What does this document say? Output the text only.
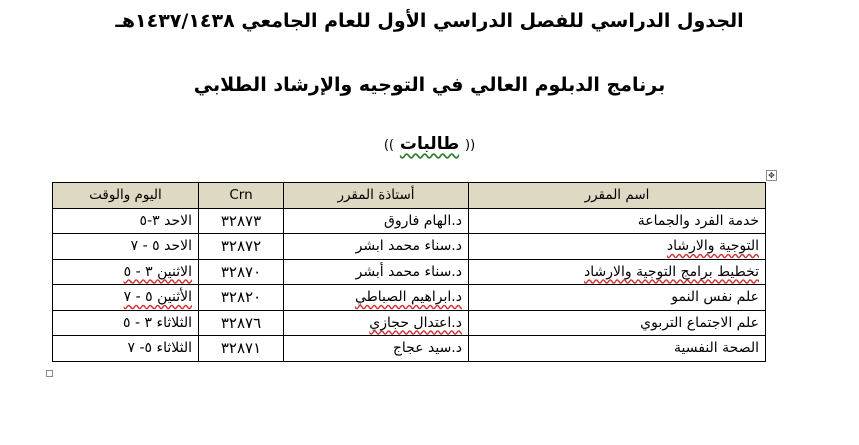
الجدول الدراسي للفصل الدراسي الأول للعام الجامعي ١٤٣٧/١٤٣٨هـ
برنامج الدبلوم العالي في التوجيه والإرشاد الطلابي
(( طالبات ))
✥
اسم المقرر	أستاذة المقرر	Crn	اليوم والوقت
خدمة الفرد والجماعة	د.الهام فاروق	٣٢٨٧٣	الاحد ٣-٥
التوجية والارشاد	د.سناء محمد ابشر	٣٢٨٧٢	الاحد ٥ - ٧
تخطيط برامج التوجية والارشاد	د.سناء محمد أبشر	٣٢٨٧٠	الاثنين ٣ - ٥
علم نفس النمو	د.ابراهيم الصباطي	٣٢٨٢٠	الأثنين ٥ - ٧
علم الاجتماع التربوي	د.اعتدال حجازي	٣٢٨٧٦	الثلاثاء ٣ - ٥
الصحة النفسية	د.سيد عجاج	٣٢٨٧١	الثلاثاء ٥- ٧
